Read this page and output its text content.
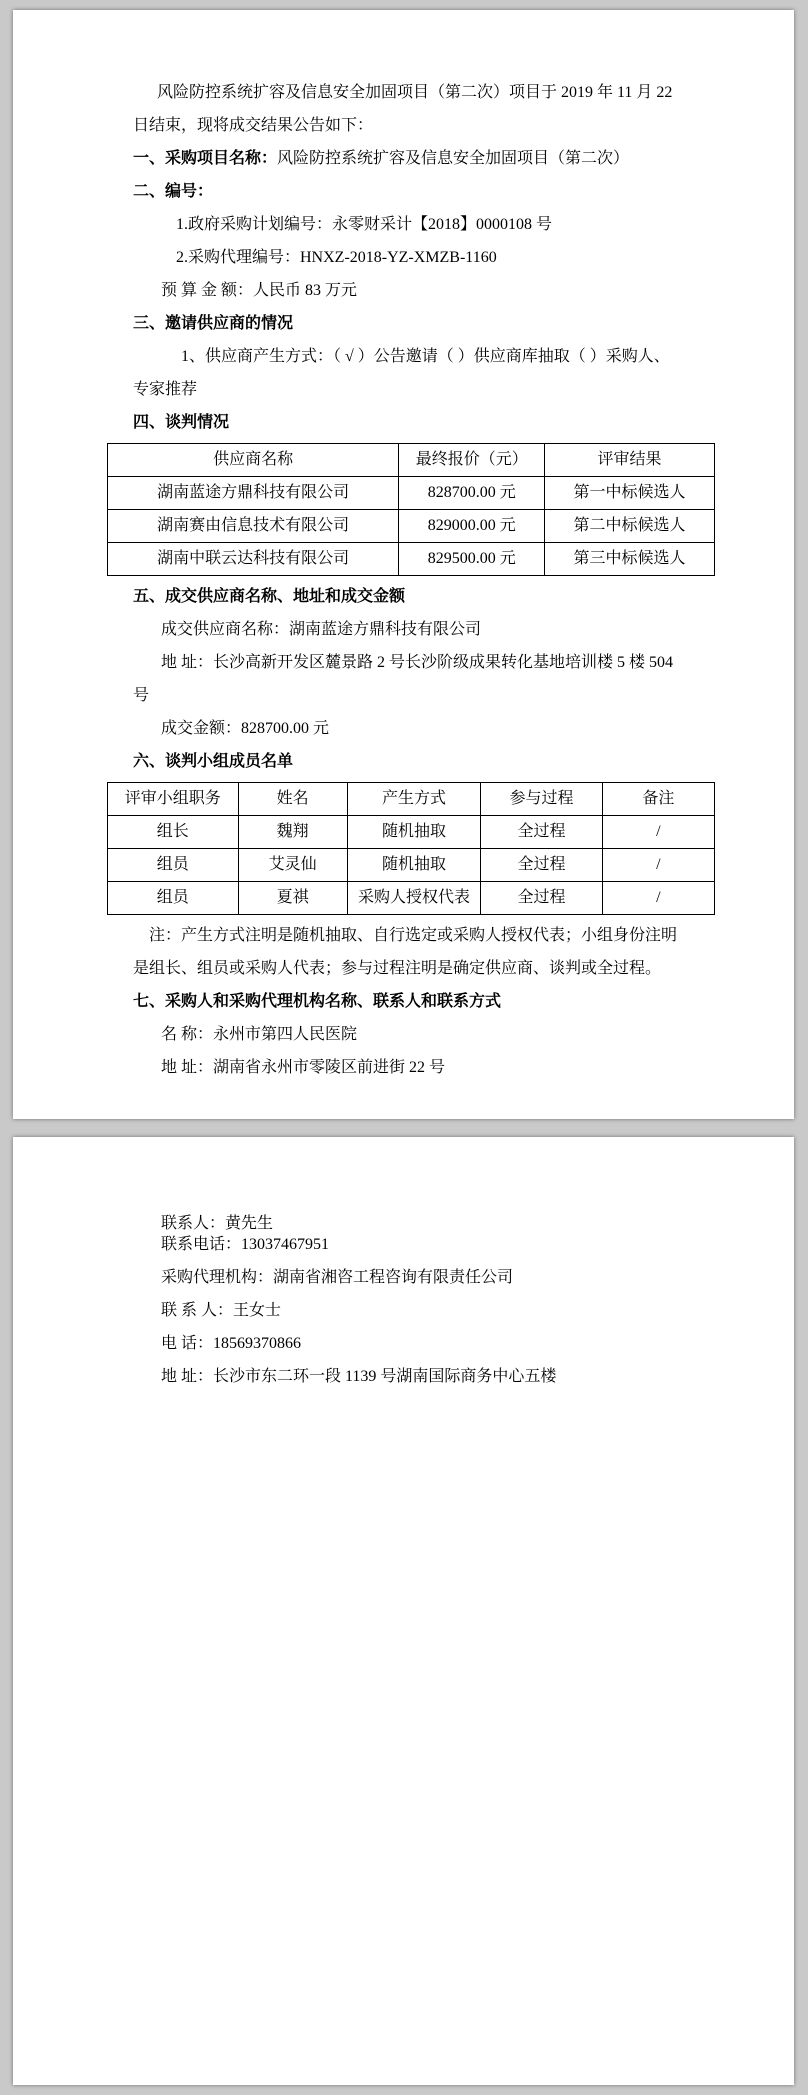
风险防控系统扩容及信息安全加固项目（第二次）项目于 2019 年 11 月 22
日结束，现将成交结果公告如下：
一、采购项目名称：风险防控系统扩容及信息安全加固项目（第二次）
二、编号：
1.政府采购计划编号：永零财采计【2018】0000108 号
2.采购代理编号：HNXZ-2018-YZ-XMZB-1160
预 算 金 额：人民币 83 万元
三、邀请供应商的情况
1、供应商产生方式：（ √ ）公告邀请（ ）供应商库抽取（ ）采购人、
专家推荐
四、谈判情况
供应商名称	最终报价（元）	评审结果
湖南蓝途方鼎科技有限公司	828700.00 元	第一中标候选人
湖南赛由信息技术有限公司	829000.00 元	第二中标候选人
湖南中联云达科技有限公司	829500.00 元	第三中标候选人
五、成交供应商名称、地址和成交金额
成交供应商名称：湖南蓝途方鼎科技有限公司
地 址：长沙高新开发区麓景路 2 号长沙阶级成果转化基地培训楼 5 楼 504
号
成交金额：828700.00 元
六、谈判小组成员名单
评审小组职务	姓名	产生方式	参与过程	备注
组长	魏翔	随机抽取	全过程	/
组员	艾灵仙	随机抽取	全过程	/
组员	夏祺	采购人授权代表	全过程	/
注：产生方式注明是随机抽取、自行选定或采购人授权代表；小组身份注明
是组长、组员或采购人代表；参与过程注明是确定供应商、谈判或全过程。
七、采购人和采购代理机构名称、联系人和联系方式
名 称：永州市第四人民医院
地 址：湖南省永州市零陵区前进街 22 号
联系人：黄先生
联系电话：13037467951
采购代理机构：湖南省湘咨工程咨询有限责任公司
联 系 人：王女士
电 话：18569370866
地 址：长沙市东二环一段 1139 号湖南国际商务中心五楼
